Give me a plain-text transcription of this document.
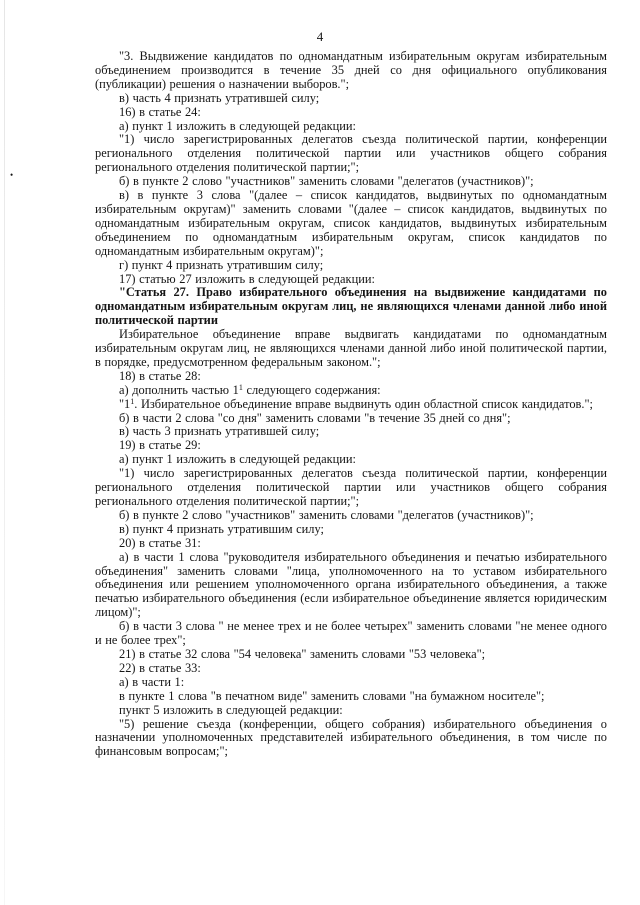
•
4

"3. Выдвижение кандидатов по одномандатным избирательным округам избирательным объединением производится в течение 35 дней со дня официального опубликования (публикации) решения о назначении выборов.";

в) часть 4 признать утратившей силу;

16) в статье 24:

а) пункт 1 изложить в следующей редакции:

"1) число зарегистрированных делегатов съезда политической партии, конференции регионального отделения политической партии или участников общего собрания регионального отделения политической партии;";

б) в пункте 2 слово "участников" заменить словами "делегатов (участников)";

в) в пункте 3 слова "(далее – список кандидатов, выдвинутых по одномандатным избирательным округам)" заменить словами "(далее – список кандидатов, выдвинутых по одномандатным избирательным округам, список кандидатов, выдвинутых избирательным объединением по одномандатным избирательным округам, список кандидатов по одномандатным избирательным округам)";

г) пункт 4 признать утратившим силу;

17) статью 27 изложить в следующей редакции:

"Статья 27. Право избирательного объединения на выдвижение кандидатами по одномандатным избирательным округам лиц, не являющихся членами данной либо иной политической партии

Избирательное объединение вправе выдвигать кандидатами по одномандатным избирательным округам лиц, не являющихся членами данной либо иной политической партии, в порядке, предусмотренном федеральным законом.";

18) в статье 28:

а) дополнить частью $1^1$ следующего содержания:

"$1^1$. Избирательное объединение вправе выдвинуть один областной список кандидатов.";

б) в части 2 слова "со дня" заменить словами "в течение 35 дней со дня";

в) часть 3 признать утратившей силу;

19) в статье 29:

а) пункт 1 изложить в следующей редакции:

"1) число зарегистрированных делегатов съезда политической партии, конференции регионального отделения политической партии или участников общего собрания регионального отделения политической партии;";

б) в пункте 2 слово "участников" заменить словами "делегатов (участников)";

в) пункт 4 признать утратившим силу;

20) в статье 31:

а) в части 1 слова "руководителя избирательного объединения и печатью избирательного объединения" заменить словами "лица, уполномоченного на то уставом избирательного объединения или решением уполномоченного органа избирательного объединения, а также печатью избирательного объединения (если избирательное объединение является юридическим лицом)";

б) в части 3 слова " не менее трех и не более четырех" заменить словами "не менее одного и не более трех";

21) в статье 32 слова "54 человека" заменить словами "53 человека";

22) в статье 33:

а) в части 1:

в пункте 1 слова "в печатном виде" заменить словами "на бумажном носителе";

пункт 5 изложить в следующей редакции:

"5) решение съезда (конференции, общего собрания) избирательного объединения о назначении уполномоченных представителей избирательного объединения, в том числе по финансовым вопросам;";
